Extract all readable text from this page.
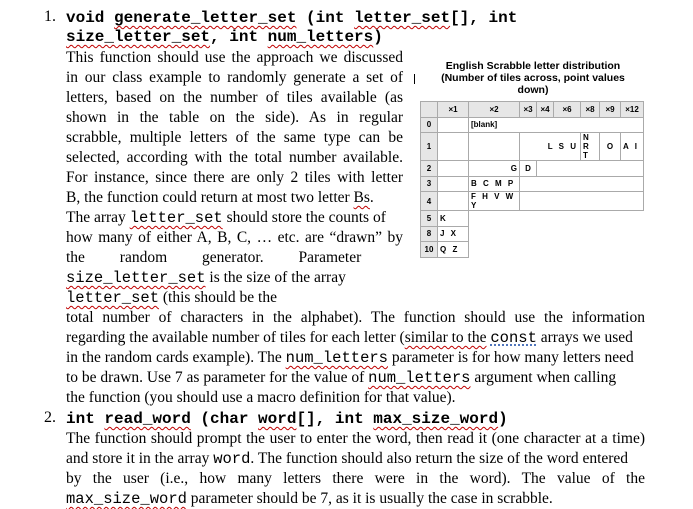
1. void generate_letter_set (int letter_set[], int
size_letter_set, int num_letters)
This function should use the approach we discussed
in our class example to randomly generate a set of
letters, based on the number of tiles available (as
shown in the table on the side). As in regular
scrabble, multiple letters of the same type can be
selected, according with the total number available.
For instance, since there are only 2 tiles with letter
B, the function could return at most two letter Bs.
The array letter_set should store the counts of
how many of either A, B, C, … etc. are “drawn” by
the         random         generator.         Parameter
size_letter_set is the size of the array
letter_set (this should be the
total number of characters in the alphabet). The function should use the information
regarding the available number of tiles for each letter (similar to the const arrays we used
in the random cards example). The num_letters parameter is for how many letters need
to be drawn. Use 7 as parameter for the value of num_letters argument when calling
the function (you should use a macro definition for that value).
2. int read_word (char word[], int max_size_word)
The function should prompt the user to enter the word, then read it (one character at a time)
and store it in the array word. The function should also return the size of the word entered
by the user (i.e., how many letters there were in the word). The value of the
max_size_word parameter should be 7, as it is usually the case in scrabble.
English Scrabble letter distribution
(Number of tiles across, point values
down)
	×1	×2	×3	×4	×6	×8	×9	×12
0		[blank]						
1			L S U			N R T	O	A I
2		G	D					
3		B C M P						
4		F H V W Y						
5	K							
8	J X							
10	Q Z							
